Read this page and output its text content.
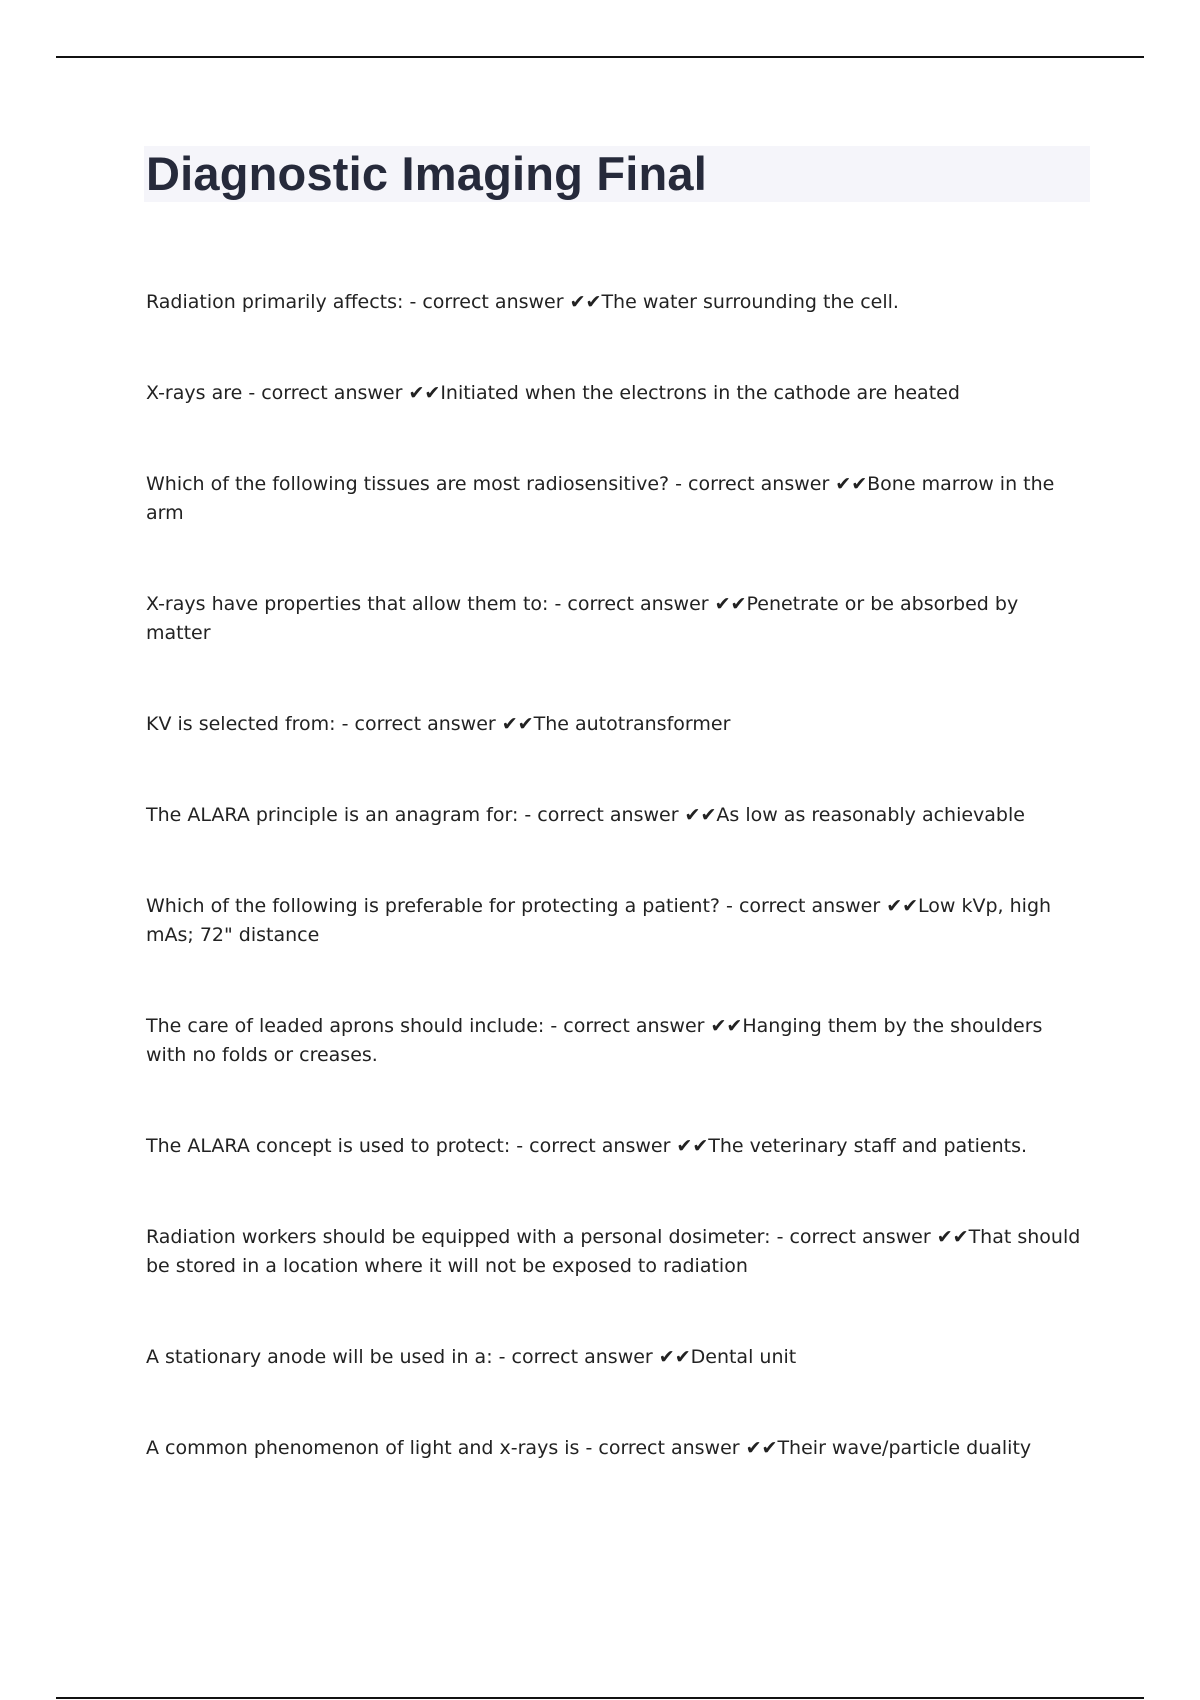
Diagnostic Imaging Final
Radiation primarily affects: - correct answer ✔✔The water surrounding the cell.
X-rays are - correct answer ✔✔Initiated when the electrons in the cathode are heated
Which of the following tissues are most radiosensitive? - correct answer ✔✔Bone marrow in the arm
X-rays have properties that allow them to: - correct answer ✔✔Penetrate or be absorbed by matter
KV is selected from: - correct answer ✔✔The autotransformer
The ALARA principle is an anagram for: - correct answer ✔✔As low as reasonably achievable
Which of the following is preferable for protecting a patient? - correct answer ✔✔Low kVp, high mAs; 72" distance
The care of leaded aprons should include: - correct answer ✔✔Hanging them by the shoulders with no folds or creases.
The ALARA concept is used to protect: - correct answer ✔✔The veterinary staff and patients.
Radiation workers should be equipped with a personal dosimeter: - correct answer ✔✔That should be stored in a location where it will not be exposed to radiation
A stationary anode will be used in a: - correct answer ✔✔Dental unit
A common phenomenon of light and x-rays is - correct answer ✔✔Their wave/particle duality
